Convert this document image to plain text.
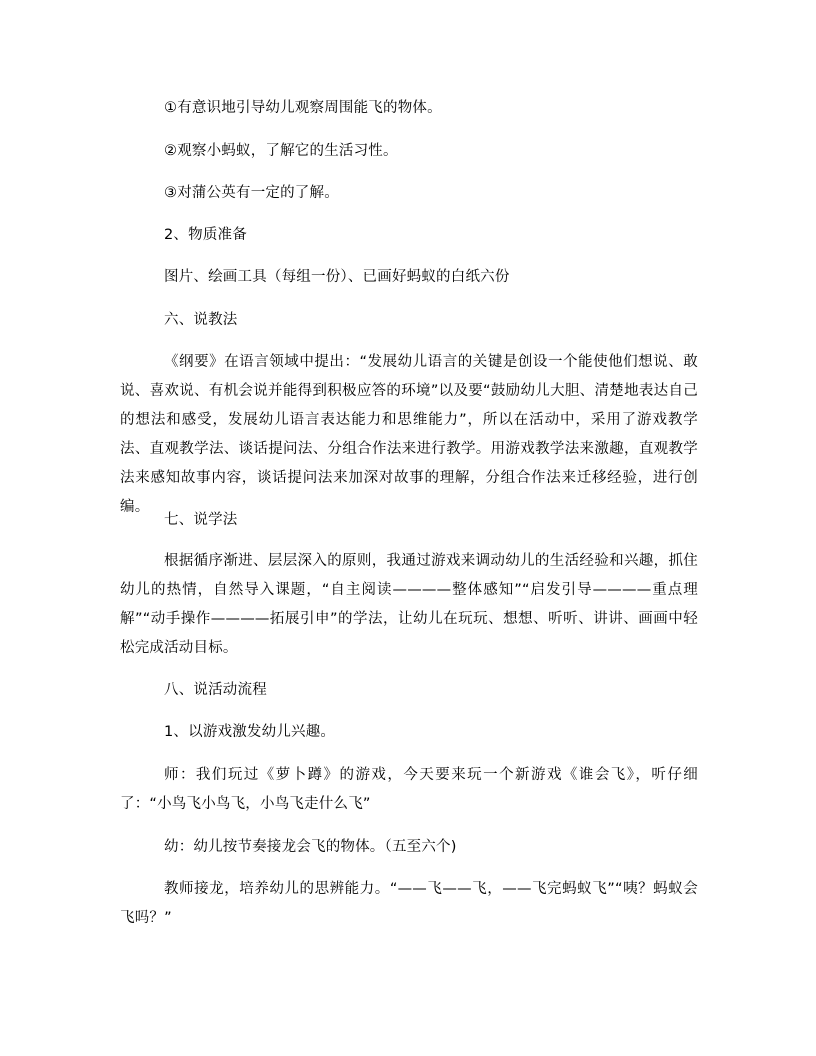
①有意识地引导幼儿观察周围能飞的物体。

②观察小蚂蚁，了解它的生活习性。

③对蒲公英有一定的了解。

2、物质准备

图片、绘画工具（每组一份）、已画好蚂蚁的白纸六份

六、说教法

《纲要》在语言领域中提出：“发展幼儿语言的关键是创设一个能使他们想说、敢说、喜欢说、有机会说并能得到积极应答的环境”以及要“鼓励幼儿大胆、清楚地表达自己的想法和感受，发展幼儿语言表达能力和思维能力”，所以在活动中，采用了游戏教学法、直观教学法、谈话提问法、分组合作法来进行教学。用游戏教学法来激趣，直观教学法来感知故事内容，谈话提问法来加深对故事的理解，分组合作法来迁移经验，进行创编。

七、说学法

根据循序渐进、层层深入的原则，我通过游戏来调动幼儿的生活经验和兴趣，抓住幼儿的热情，自然导入课题，“自主阅读————整体感知”“启发引导————重点理解”“动手操作————拓展引申”的学法，让幼儿在玩玩、想想、听听、讲讲、画画中轻松完成活动目标。

八、说活动流程

1、以游戏激发幼儿兴趣。

师：我们玩过《萝卜蹲》的游戏，今天要来玩一个新游戏《谁会飞》，听仔细了：“小鸟飞小鸟飞，小鸟飞走什么飞”

幼：幼儿按节奏接龙会飞的物体。（五至六个)

教师接龙，培养幼儿的思辨能力。“——飞——飞，——飞完蚂蚁飞”“咦？蚂蚁会飞吗？”
